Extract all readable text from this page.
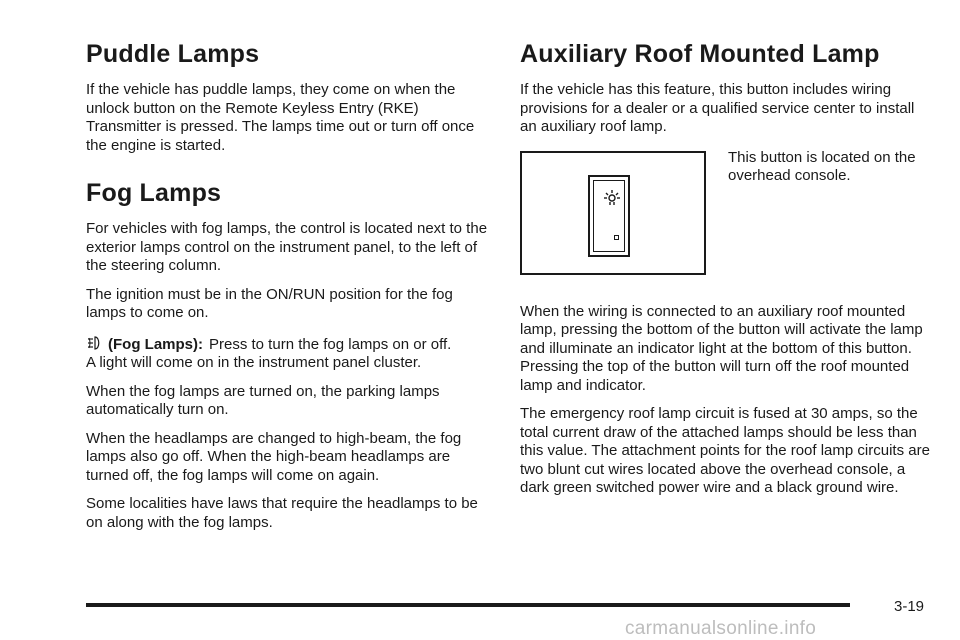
Puddle Lamps

If the vehicle has puddle lamps, they come on when the unlock button on the Remote Keyless Entry (RKE) Transmitter is pressed. The lamps time out or turn off once the engine is started.

Fog Lamps

For vehicles with fog lamps, the control is located next to the exterior lamps control on the instrument panel, to the left of the steering column.

The ignition must be in the ON/RUN position for the fog lamps to come on.

(Fog Lamps): Press to turn the fog lamps on or off.
A light will come on in the instrument panel cluster.

When the fog lamps are turned on, the parking lamps automatically turn on.

When the headlamps are changed to high-beam, the fog lamps also go off. When the high-beam headlamps are turned off, the fog lamps will come on again.

Some localities have laws that require the headlamps to be on along with the fog lamps.

Auxiliary Roof Mounted Lamp

If the vehicle has this feature, this button includes wiring provisions for a dealer or a qualified service center to install an auxiliary roof lamp.

This button is located on the overhead console.

When the wiring is connected to an auxiliary roof mounted lamp, pressing the bottom of the button will activate the lamp and illuminate an indicator light at the bottom of this button. Pressing the top of the button will turn off the roof mounted lamp and indicator.

The emergency roof lamp circuit is fused at 30 amps, so the total current draw of the attached lamps should be less than this value. The attachment points for the roof lamp circuits are two blunt cut wires located above the overhead console, a dark green switched power wire and a black ground wire.

3-19
carmanualsonline.info
